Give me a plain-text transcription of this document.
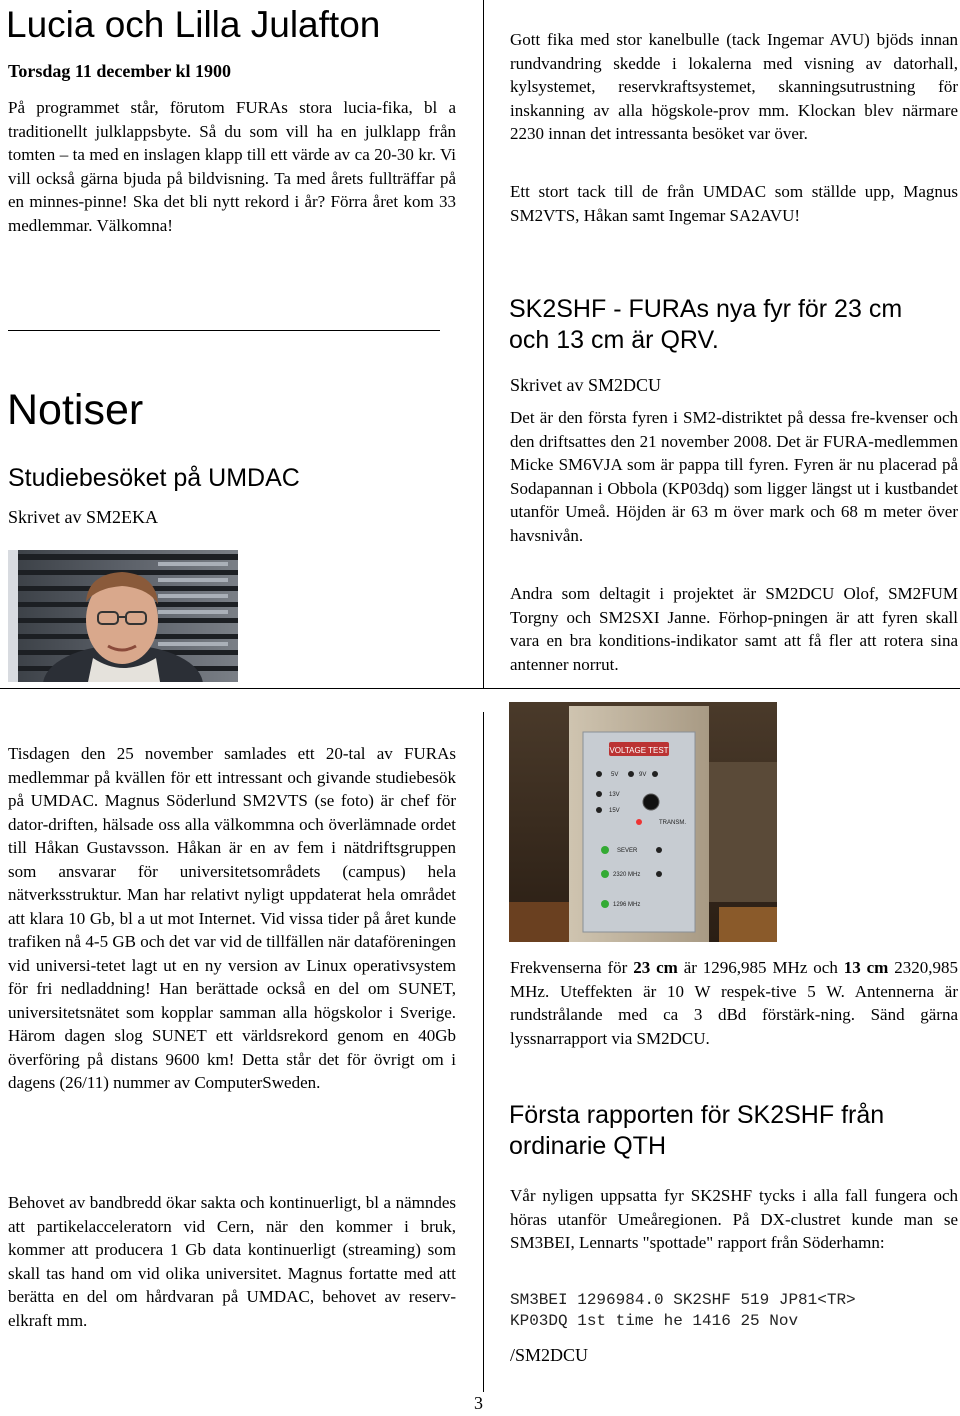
Lucia och Lilla Julafton
Torsdag 11 december kl 1900

På programmet står, förutom FURAs stora lucia-fika, bl a traditionellt julklappsbyte. Så du som vill ha en julklapp från tomten – ta med en inslagen klapp till ett värde av ca 20-30 kr. Vi vill också gärna bjuda på bildvisning. Ta med årets fullträffar på en minnes-pinne! Ska det bli nytt rekord i år? Förra året kom 33 medlemmar. Välkomna!

Notiser
Studiebesöket på UMDAC
Skrivet av SM2EKA

Tisdagen den 25 november samlades ett 20-tal av FURAs medlemmar på kvällen för ett intressant och givande studiebesök på UMDAC. Magnus Söderlund SM2VTS (se foto) är chef för dator-driften, hälsade oss alla välkommna och överlämnade ordet till Håkan Gustavsson. Håkan är en av fem i nätdriftsgruppen som ansvarar för universitetsområdets (campus) hela nätverksstruktur. Man har relativt nyligt uppdaterat hela området att klara 10 Gb, bl a ut mot Internet. Vid vissa tider på året kunde trafiken nå 4-5 GB och det var vid de tillfällen när dataföreningen vid universi-tetet lagt ut en ny version av Linux operativsystem för fri nedladdning! Han berättade också en del om SUNET, universitetsnätet som kopplar samman alla högskolor i Sverige. Härom dagen slog SUNET ett världsrekord genom en 40Gb överföring på distans 9600 km! Detta står det för övrigt om i dagens (26/11) nummer av ComputerSweden.

Behovet av bandbredd ökar sakta och kontinuerligt, bl a nämndes att partikelacceleratorn vid Cern, när den kommer i bruk, kommer att producera 1 Gb data kontinuerligt (streaming) som skall tas hand om vid olika universitet. Magnus fortatte med att berätta en del om hårdvaran på UMDAC, behovet av reserv-elkraft mm.

Gott fika med stor kanelbulle (tack Ingemar AVU) bjöds innan rundvandring skedde i lokalerna med visning av datorhall, kylsystemet, reservkraftsystemet, skanningsutrustning för inskanning av alla högskole-prov mm. Klockan blev närmare 2230 innan det intressanta besöket var över.

Ett stort tack till de från UMDAC som ställde upp, Magnus SM2VTS, Håkan samt Ingemar SA2AVU!

SK2SHF - FURAs nya fyr för 23 cm
och 13 cm är QRV.
Skrivet av SM2DCU

Det är den första fyren i SM2-distriktet på dessa fre-kvenser och den driftsattes den 21 november 2008. Det är FURA-medlemmen Micke SM6VJA som är pappa till fyren. Fyren är nu placerad på Sodapannan i Obbola (KP03dq) som ligger längst ut i kustbandet utanför Umeå. Höjden är 63 m över mark och 68 m meter över havsnivån.

Andra som deltagit i projektet är SM2DCU Olof, SM2FUM Torgny och SM2SXI Janne. Förhop-pningen är att fyren skall vara en bra konditions-indikator samt att få fler att rotera sina antenner norrut.

VOLTAGE TEST
5V	9V
13V
15V
TRANSM.
SEVER
2320 MHz
1296 MHz

Frekvenserna för 23 cm är 1296,985 MHz och 13 cm 2320,985 MHz. Uteffekten är 10 W respek-tive 5 W. Antennerna är rundstrålande med ca 3 dBd förstärk-ning. Sänd gärna lyssnarrapport via SM2DCU.

Första rapporten för SK2SHF från
ordinarie QTH

Vår nyligen uppsatta fyr SK2SHF tycks i alla fall fungera och höras utanför Umeåregionen. På DX-clustret kunde man se SM3BEI, Lennarts "spottade" rapport från Söderhamn:

SM3BEI 1296984.0 SK2SHF 519 JP81<TR>
KP03DQ 1st time he 1416 25 Nov
/SM2DCU
3
